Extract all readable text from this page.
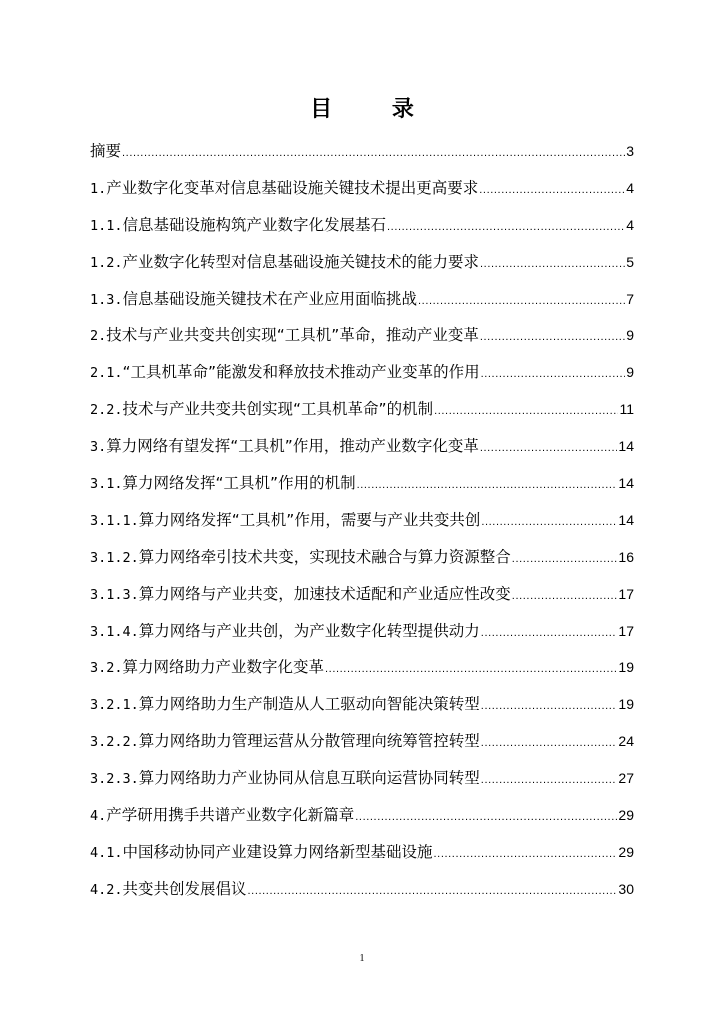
目 录
摘要 .....	3
1. 产业数字化变革对信息基础设施关键技术提出更高要求 .....	4
1.1. 信息基础设施构筑产业数字化发展基石 .....	4
1.2. 产业数字化转型对信息基础设施关键技术的能力要求 .....	5
1.3. 信息基础设施关键技术在产业应用面临挑战 .....	7
2. 技术与产业共变共创实现“工具机”革命，推动产业变革 .....	9
2.1. “工具机革命”能激发和释放技术推动产业变革的作用 .....	9
2.2. 技术与产业共变共创实现“工具机革命”的机制 .....	11
3. 算力网络有望发挥“工具机”作用，推动产业数字化变革 .....	14
3.1. 算力网络发挥“工具机”作用的机制 .....	14
3.1.1. 算力网络发挥“工具机”作用，需要与产业共变共创 .....	14
3.1.2. 算力网络牵引技术共变，实现技术融合与算力资源整合 .....	16
3.1.3. 算力网络与产业共变，加速技术适配和产业适应性改变 .....	17
3.1.4. 算力网络与产业共创，为产业数字化转型提供动力 .....	17
3.2. 算力网络助力产业数字化变革 .....	19
3.2.1. 算力网络助力生产制造从人工驱动向智能决策转型 .....	19
3.2.2. 算力网络助力管理运营从分散管理向统筹管控转型 .....	24
3.2.3. 算力网络助力产业协同从信息互联向运营协同转型 .....	27
4. 产学研用携手共谱产业数字化新篇章 .....	29
4.1. 中国移动协同产业建设算力网络新型基础设施 .....	29
4.2. 共变共创发展倡议 .....	30
1
